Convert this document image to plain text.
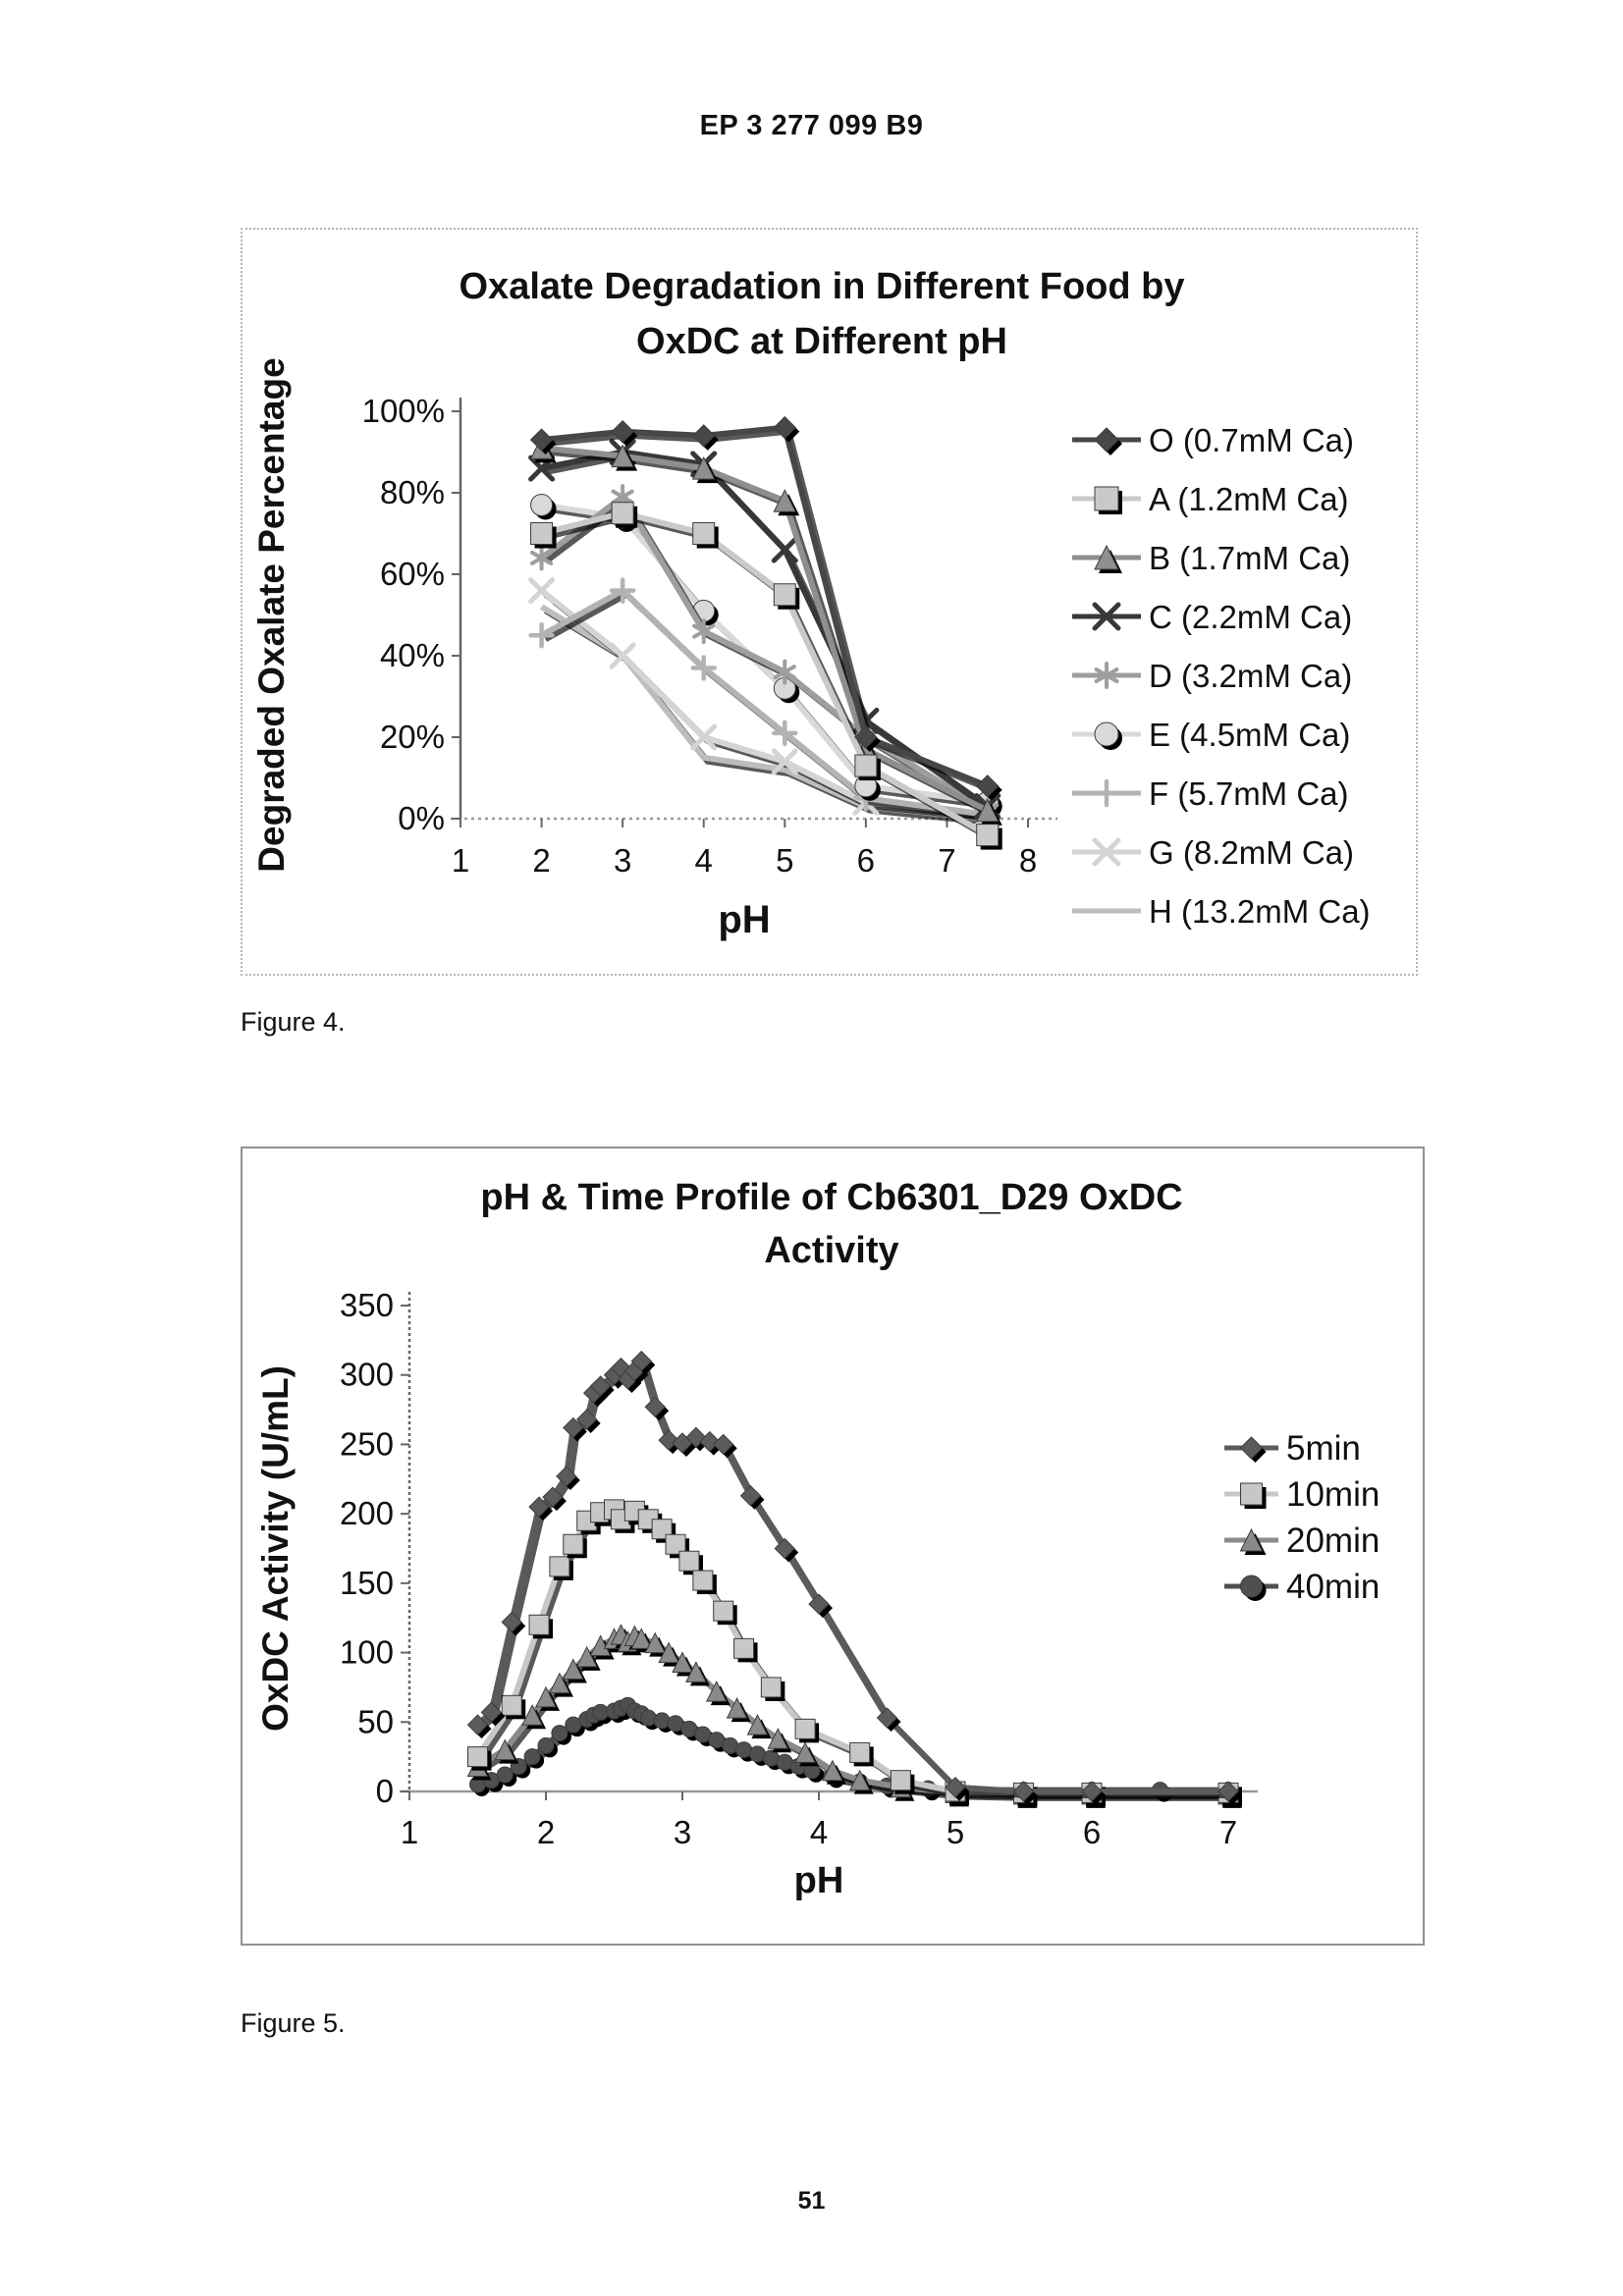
EP 3 277 099 B9
Oxalate Degradation in Different Food by
OxDC at Different pH
Degraded Oxalate Percentage
pH
0%
20%
40%
60%
80%
100%
1 2 3 4 5 6 7 8
O (0.7mM Ca)
A (1.2mM Ca)
B (1.7mM Ca)
C (2.2mM Ca)
D (3.2mM Ca)
E (4.5mM Ca)
F (5.7mM Ca)
G (8.2mM Ca)
H (13.2mM Ca)
Figure 4.
pH & Time Profile of Cb6301_D29 OxDC
Activity
OxDC Activity (U/mL)
pH
0
50
100
150
200
250
300
350
1	2	3	4	5	6	7
5min
10min
20min
40min
Figure 5.
51
